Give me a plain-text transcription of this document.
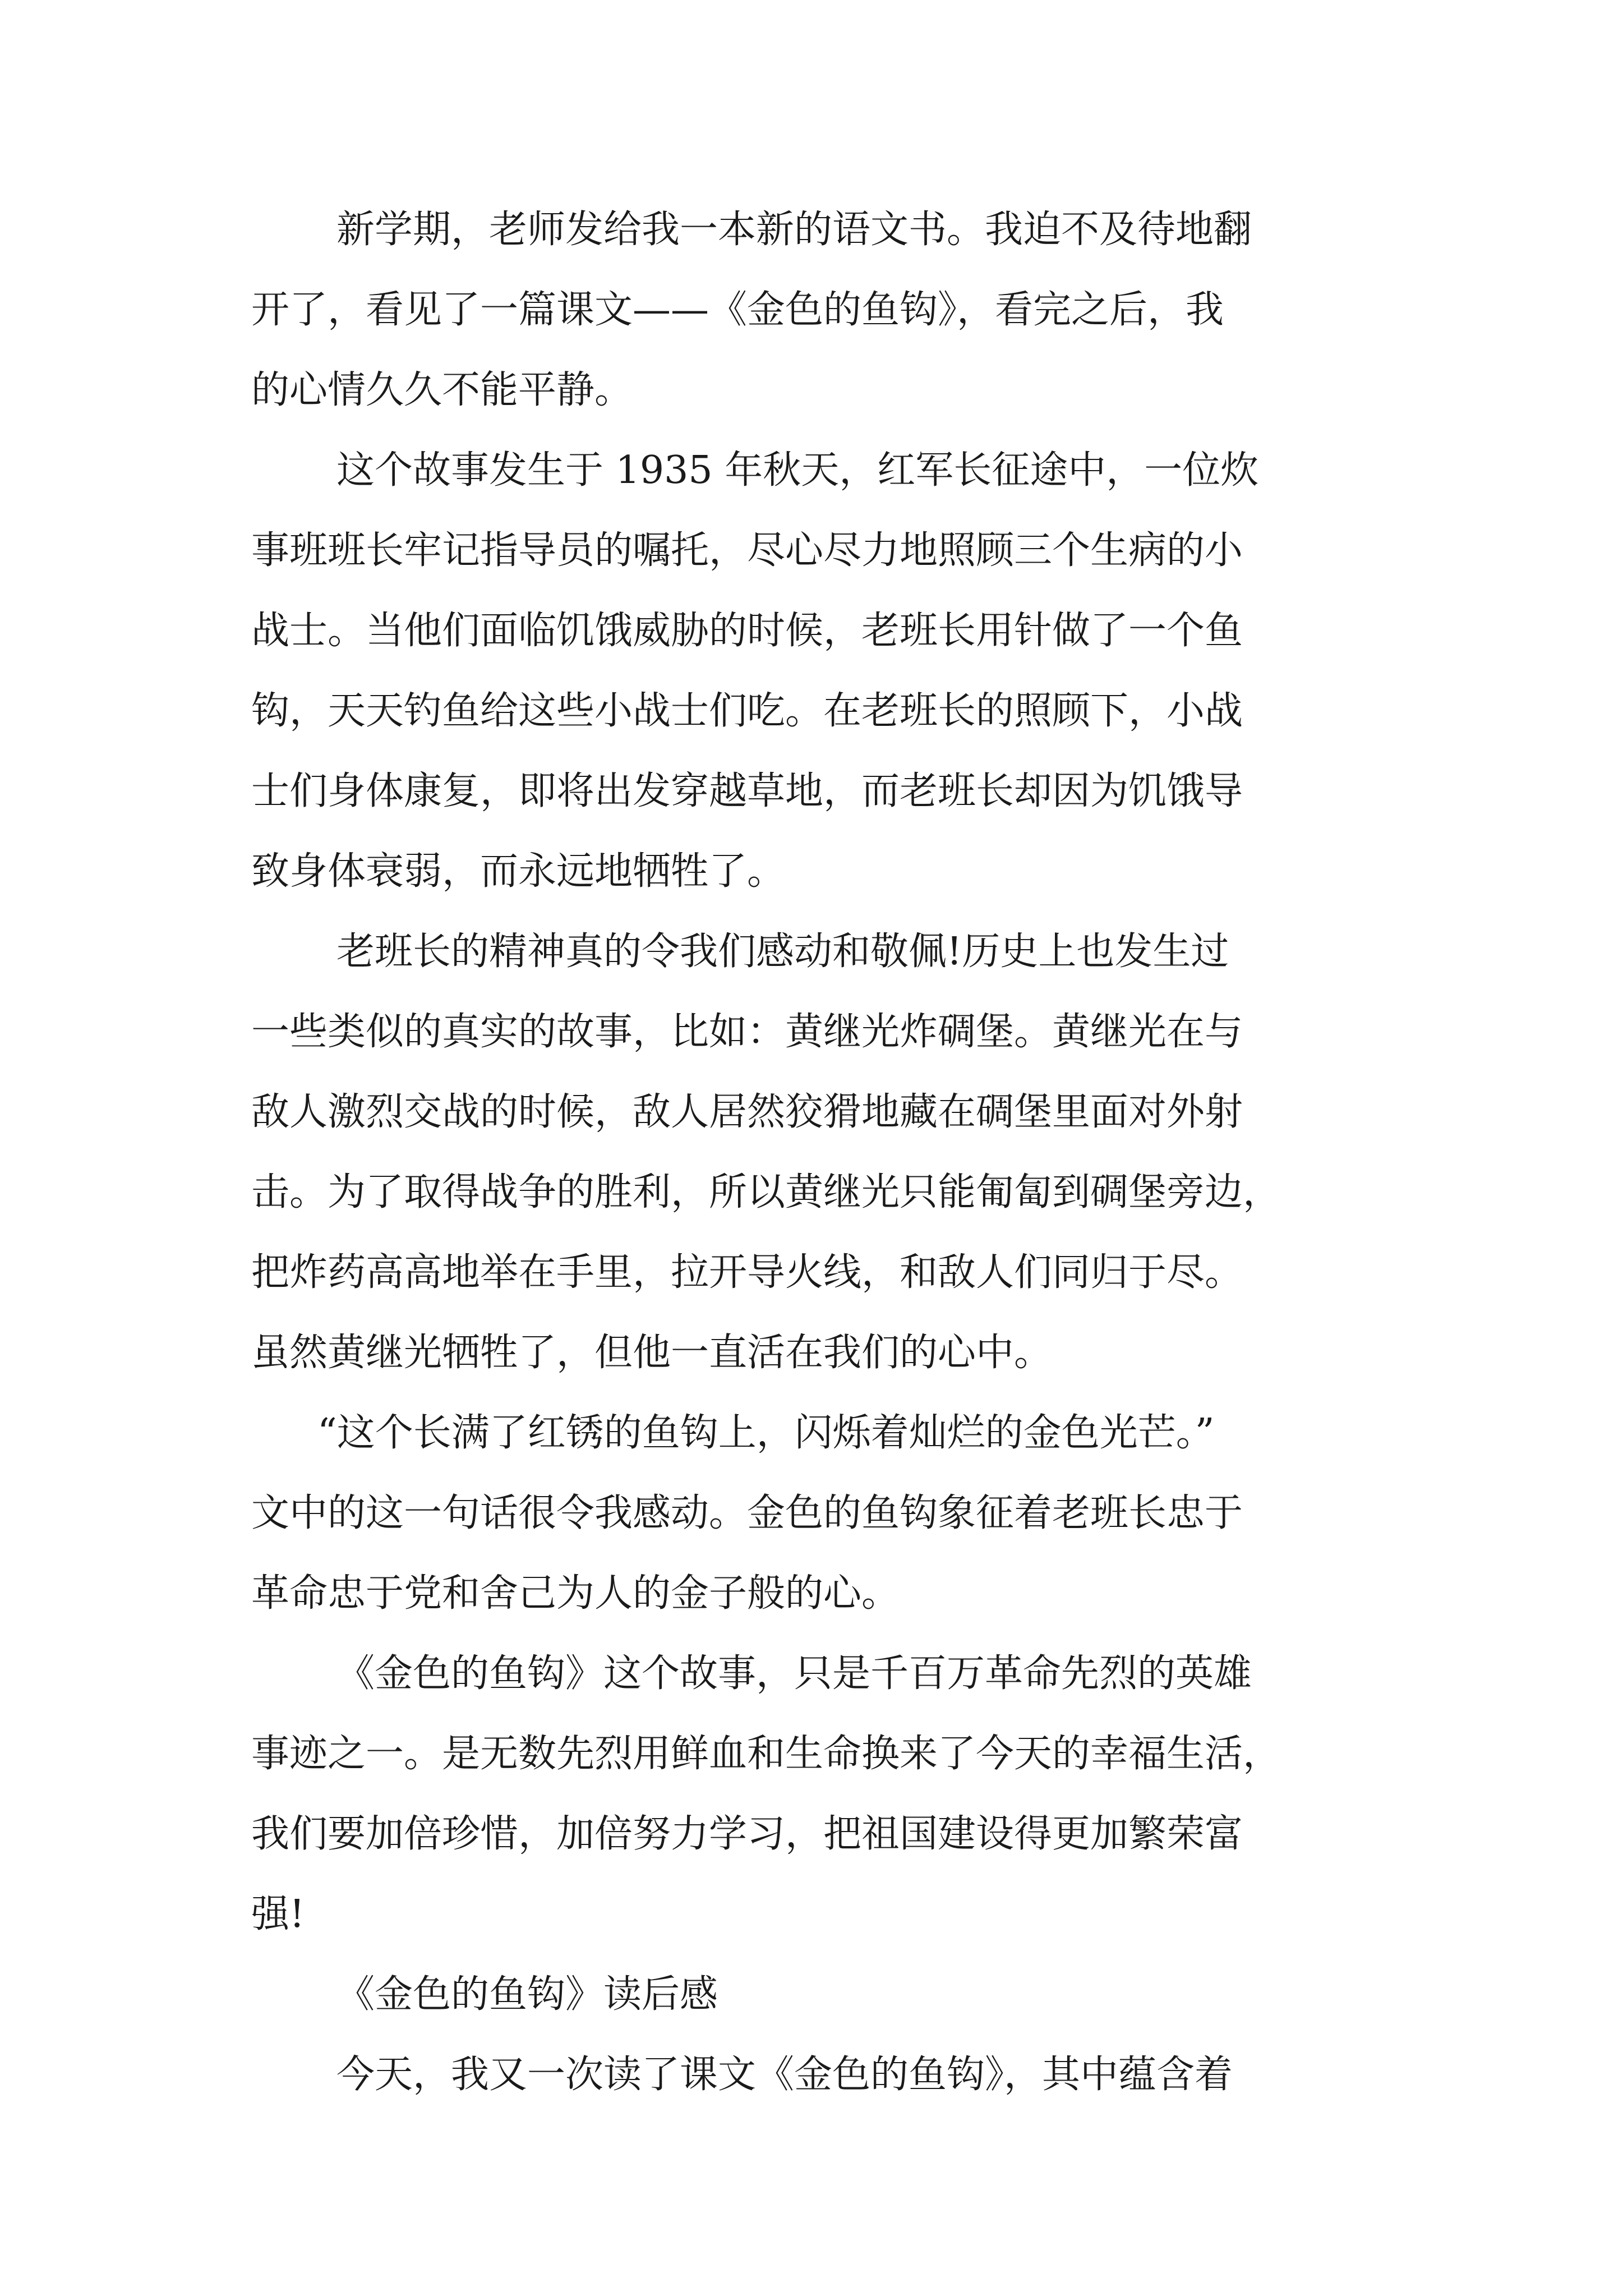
新学期，老师发给我一本新的语文书。我迫不及待地翻
开了，看见了一篇课文——《金色的鱼钩》，看完之后，我
的心情久久不能平静。
这个故事发生于 1935 年秋天，红军长征途中，一位炊
事班班长牢记指导员的嘱托，尽心尽力地照顾三个生病的小
战士。当他们面临饥饿威胁的时候，老班长用针做了一个鱼
钩，天天钓鱼给这些小战士们吃。在老班长的照顾下，小战
士们身体康复，即将出发穿越草地，而老班长却因为饥饿导
致身体衰弱，而永远地牺牲了。
老班长的精神真的令我们感动和敬佩!历史上也发生过
一些类似的真实的故事，比如：黄继光炸碉堡。黄继光在与
敌人激烈交战的时候，敌人居然狡猾地藏在碉堡里面对外射
击。为了取得战争的胜利，所以黄继光只能匍匐到碉堡旁边，
把炸药高高地举在手里，拉开导火线，和敌人们同归于尽。
虽然黄继光牺牲了，但他一直活在我们的心中。
“这个长满了红锈的鱼钩上，闪烁着灿烂的金色光芒。”
文中的这一句话很令我感动。金色的鱼钩象征着老班长忠于
革命忠于党和舍己为人的金子般的心。
《金色的鱼钩》这个故事，只是千百万革命先烈的英雄
事迹之一。是无数先烈用鲜血和生命换来了今天的幸福生活，
我们要加倍珍惜，加倍努力学习，把祖国建设得更加繁荣富
强!
《金色的鱼钩》读后感
今天，我又一次读了课文《金色的鱼钩》，其中蕴含着
